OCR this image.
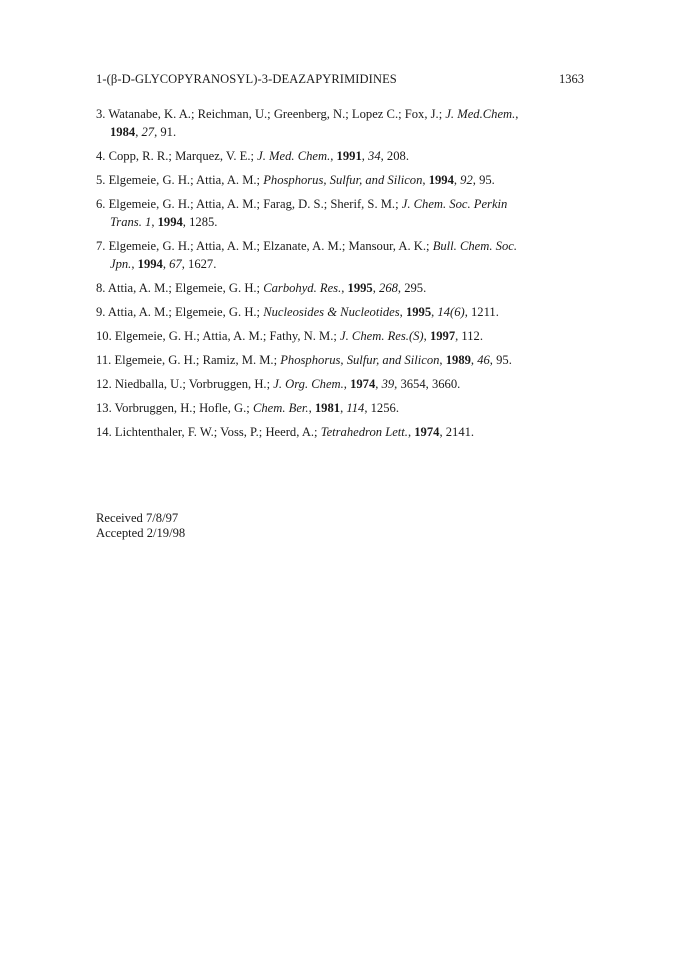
1-(β-D-GLYCOPYRANOSYL)-3-DEAZAPYRIMIDINES	1363
3. Watanabe, K. A.; Reichman, U.; Greenberg, N.; Lopez C.; Fox, J.; J. Med.Chem.,
1984, 27, 91.
4. Copp, R. R.; Marquez, V. E.; J. Med. Chem., 1991, 34, 208.
5. Elgemeie, G. H.; Attia, A. M.; Phosphorus, Sulfur, and Silicon, 1994, 92, 95.
6. Elgemeie, G. H.; Attia, A. M.; Farag, D. S.; Sherif, S. M.; J. Chem. Soc. Perkin
Trans. 1, 1994, 1285.
7. Elgemeie, G. H.; Attia, A. M.; Elzanate, A. M.; Mansour, A. K.; Bull. Chem. Soc.
Jpn., 1994, 67, 1627.
8. Attia, A. M.; Elgemeie, G. H.; Carbohyd. Res., 1995, 268, 295.
9. Attia, A. M.; Elgemeie, G. H.; Nucleosides & Nucleotides, 1995, 14(6), 1211.
10. Elgemeie, G. H.; Attia, A. M.; Fathy, N. M.; J. Chem. Res.(S), 1997, 112.
11. Elgemeie, G. H.; Ramiz, M. M.; Phosphorus, Sulfur, and Silicon, 1989, 46, 95.
12. Niedballa, U.; Vorbruggen, H.; J. Org. Chem., 1974, 39, 3654, 3660.
13. Vorbruggen, H.; Hofle, G.; Chem. Ber., 1981, 114, 1256.
14. Lichtenthaler, F. W.; Voss, P.; Heerd, A.; Tetrahedron Lett., 1974, 2141.
Received 7/8/97
Accepted 2/19/98
